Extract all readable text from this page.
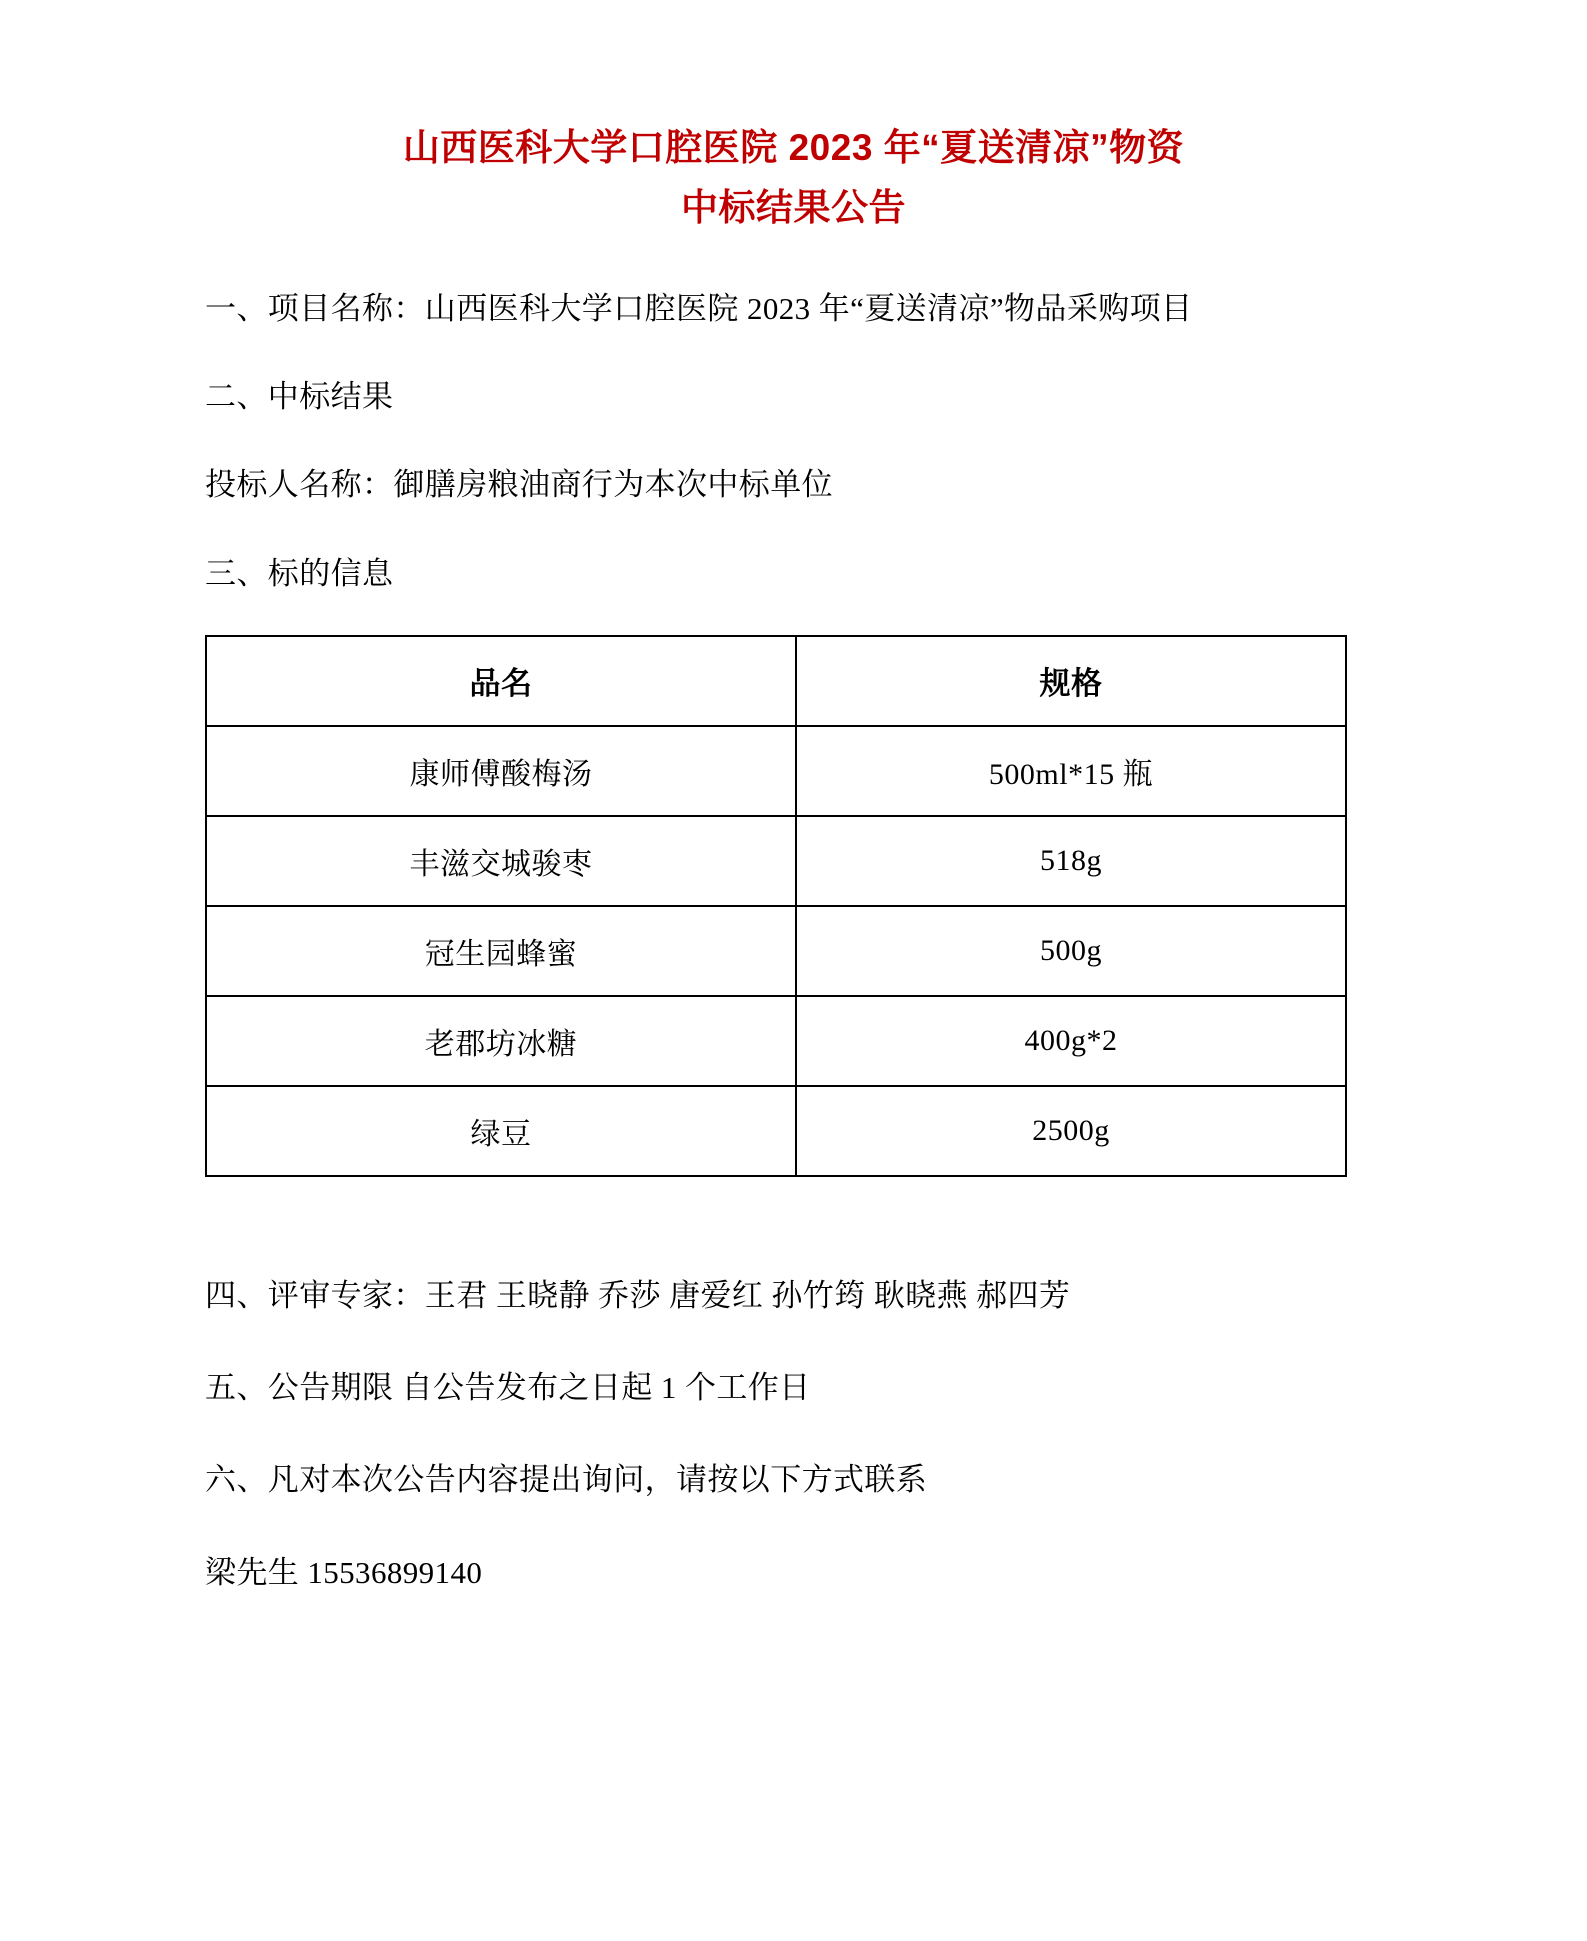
山西医科大学口腔医院 2023 年“夏送清凉”物资
中标结果公告

一、项目名称：山西医科大学口腔医院 2023 年“夏送清凉”物品采购项目

二、中标结果

投标人名称：御膳房粮油商行为本次中标单位

三、标的信息

品名	规格
康师傅酸梅汤	500ml*15 瓶
丰滋交城骏枣	518g
冠生园蜂蜜	500g
老郡坊冰糖	400g*2
绿豆	2500g

四、评审专家：王君 王晓静 乔莎 唐爱红 孙竹筠 耿晓燕 郝四芳

五、公告期限 自公告发布之日起 1 个工作日

六、凡对本次公告内容提出询问，请按以下方式联系

梁先生 15536899140
